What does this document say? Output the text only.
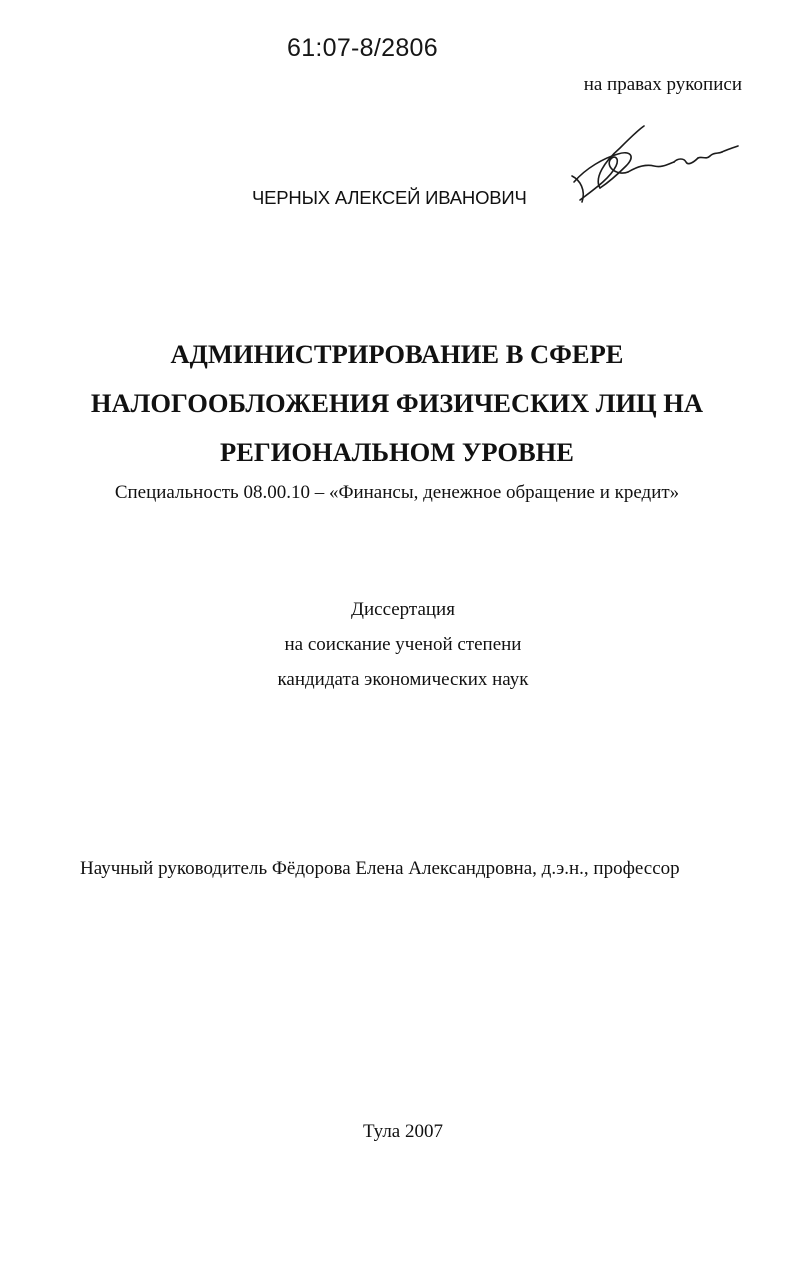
61:07-8/2806
на правах рукописи
ЧЕРНЫХ АЛЕКСЕЙ ИВАНОВИЧ
АДМИНИСТРИРОВАНИЕ В СФЕРЕ
НАЛОГООБЛОЖЕНИЯ ФИЗИЧЕСКИХ ЛИЦ НА
РЕГИОНАЛЬНОМ УРОВНЕ
Специальность 08.00.10 – «Финансы, денежное обращение и кредит»
Диссертация
на соискание ученой степени
кандидата экономических наук
Научный руководитель Фёдорова Елена Александровна, д.э.н., профессор
Тула 2007
